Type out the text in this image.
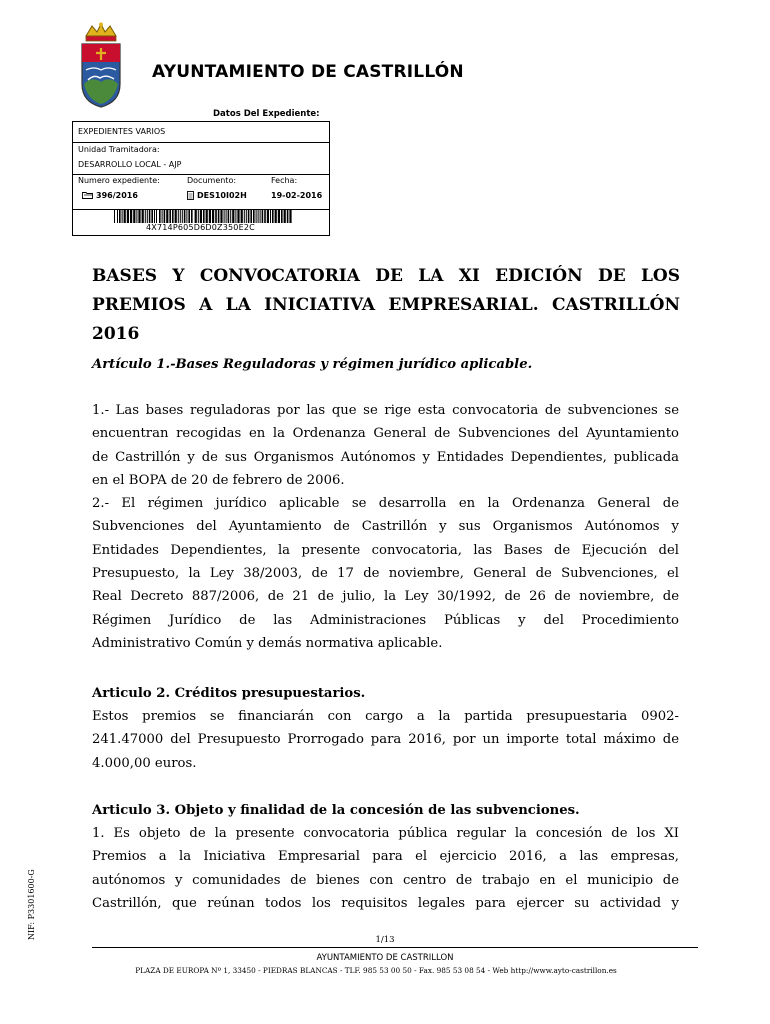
AYUNTAMIENTO DE CASTRILLÓN
Datos Del Expediente:
EXPEDIENTES VARIOS
Unidad Tramitadora:
DESARROLLO LOCAL - AJP
Numero expediente:	Documento:	Fecha:
396/2016	DES10I02H	19-02-2016
4X714P605D6D0Z350E2C
BASES Y CONVOCATORIA DE LA XI EDICIÓN DE LOS
PREMIOS A LA INICIATIVA EMPRESARIAL. CASTRILLÓN
2016
Artículo 1.-Bases Reguladoras y régimen jurídico aplicable.
1.- Las bases reguladoras por las que se rige esta convocatoria de subvenciones se
encuentran recogidas en la Ordenanza General de Subvenciones del Ayuntamiento
de Castrillón y de sus Organismos Autónomos y Entidades Dependientes, publicada
en el BOPA de 20 de febrero de 2006.
2.- El régimen jurídico aplicable se desarrolla en la Ordenanza General de
Subvenciones del Ayuntamiento de Castrillón y sus Organismos Autónomos y
Entidades Dependientes, la presente convocatoria, las Bases de Ejecución del
Presupuesto, la Ley 38/2003, de 17 de noviembre, General de Subvenciones, el
Real Decreto 887/2006, de 21 de julio, la Ley 30/1992, de 26 de noviembre, de
Régimen Jurídico de las Administraciones Públicas y del Procedimiento
Administrativo Común y demás normativa aplicable.
Articulo 2. Créditos presupuestarios.
Estos premios se financiarán con cargo a la partida presupuestaria 0902-
241.47000 del Presupuesto Prorrogado para 2016, por un importe total máximo de
4.000,00 euros.
Articulo 3. Objeto y finalidad de la concesión de las subvenciones.
1. Es objeto de la presente convocatoria pública regular la concesión de los XI
Premios a la Iniciativa Empresarial para el ejercicio 2016, a las empresas,
autónomos y comunidades de bienes con centro de trabajo en el municipio de
Castrillón, que reúnan todos los requisitos legales para ejercer su actividad y
NIF: P3301600-G	1/13
AYUNTAMIENTO DE CASTRILLON
PLAZA DE EUROPA Nº 1, 33450 - PIEDRAS BLANCAS - TLF. 985 53 00 50 - Fax. 985 53 08 54 - Web http://www.ayto-castrillon.es
